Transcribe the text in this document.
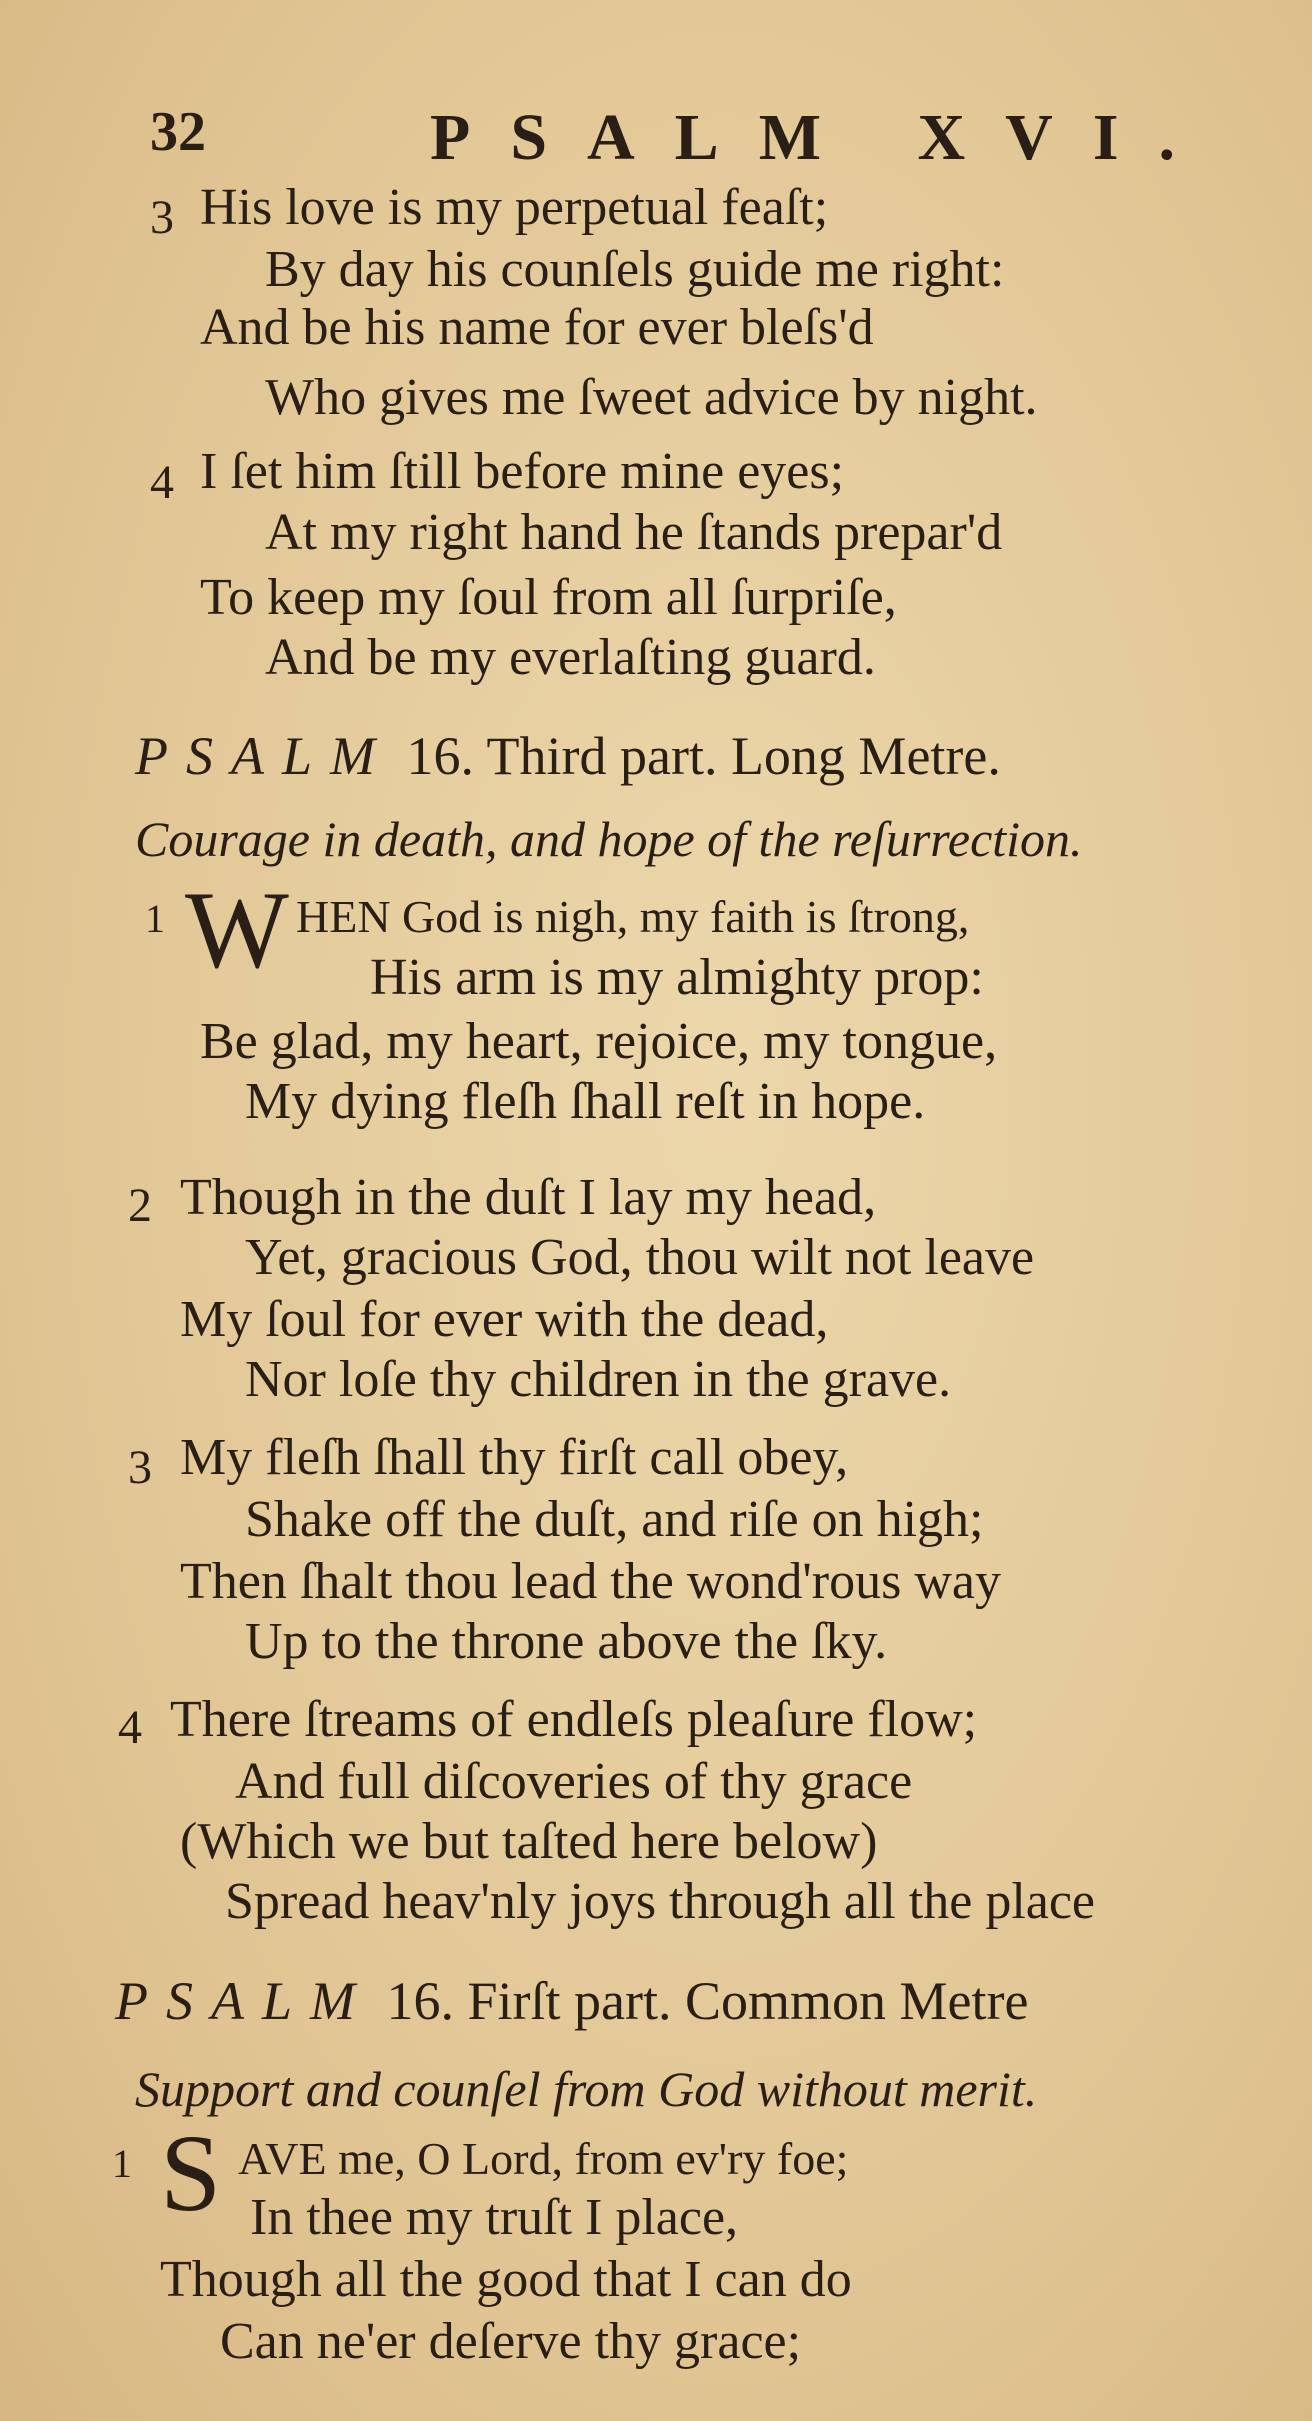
32	PSALM XVI.
3 His love is my perpetual feaſt;
By day his counſels guide me right:
And be his name for ever bleſs'd
Who gives me ſweet advice by night.
4 I ſet him ſtill before mine eyes;
At my right hand he ſtands prepar'd
To keep my ſoul from all ſurpriſe,
And be my everlaſting guard.
PSALM 16. Third part. Long Metre.
Courage in death, and hope of the reſurrection.
1 W HEN God is nigh, my faith is ſtrong,
His arm is my almighty prop:
Be glad, my heart, rejoice, my tongue,
My dying fleſh ſhall reſt in hope.
2 Though in the duſt I lay my head,
Yet, gracious God, thou wilt not leave
My ſoul for ever with the dead,
Nor loſe thy children in the grave.
3 My fleſh ſhall thy firſt call obey,
Shake off the duſt, and riſe on high;
Then ſhalt thou lead the wond'rous way
Up to the throne above the ſky.
4 There ſtreams of endleſs pleaſure flow;
And full diſcoveries of thy grace
(Which we but taſted here below)
Spread heav'nly joys through all the place
PSALM 16. Firſt part. Common Metre
Support and counſel from God without merit.
1 S AVE me, O Lord, from ev'ry foe;
In thee my truſt I place,
Though all the good that I can do
Can ne'er deſerve thy grace;
